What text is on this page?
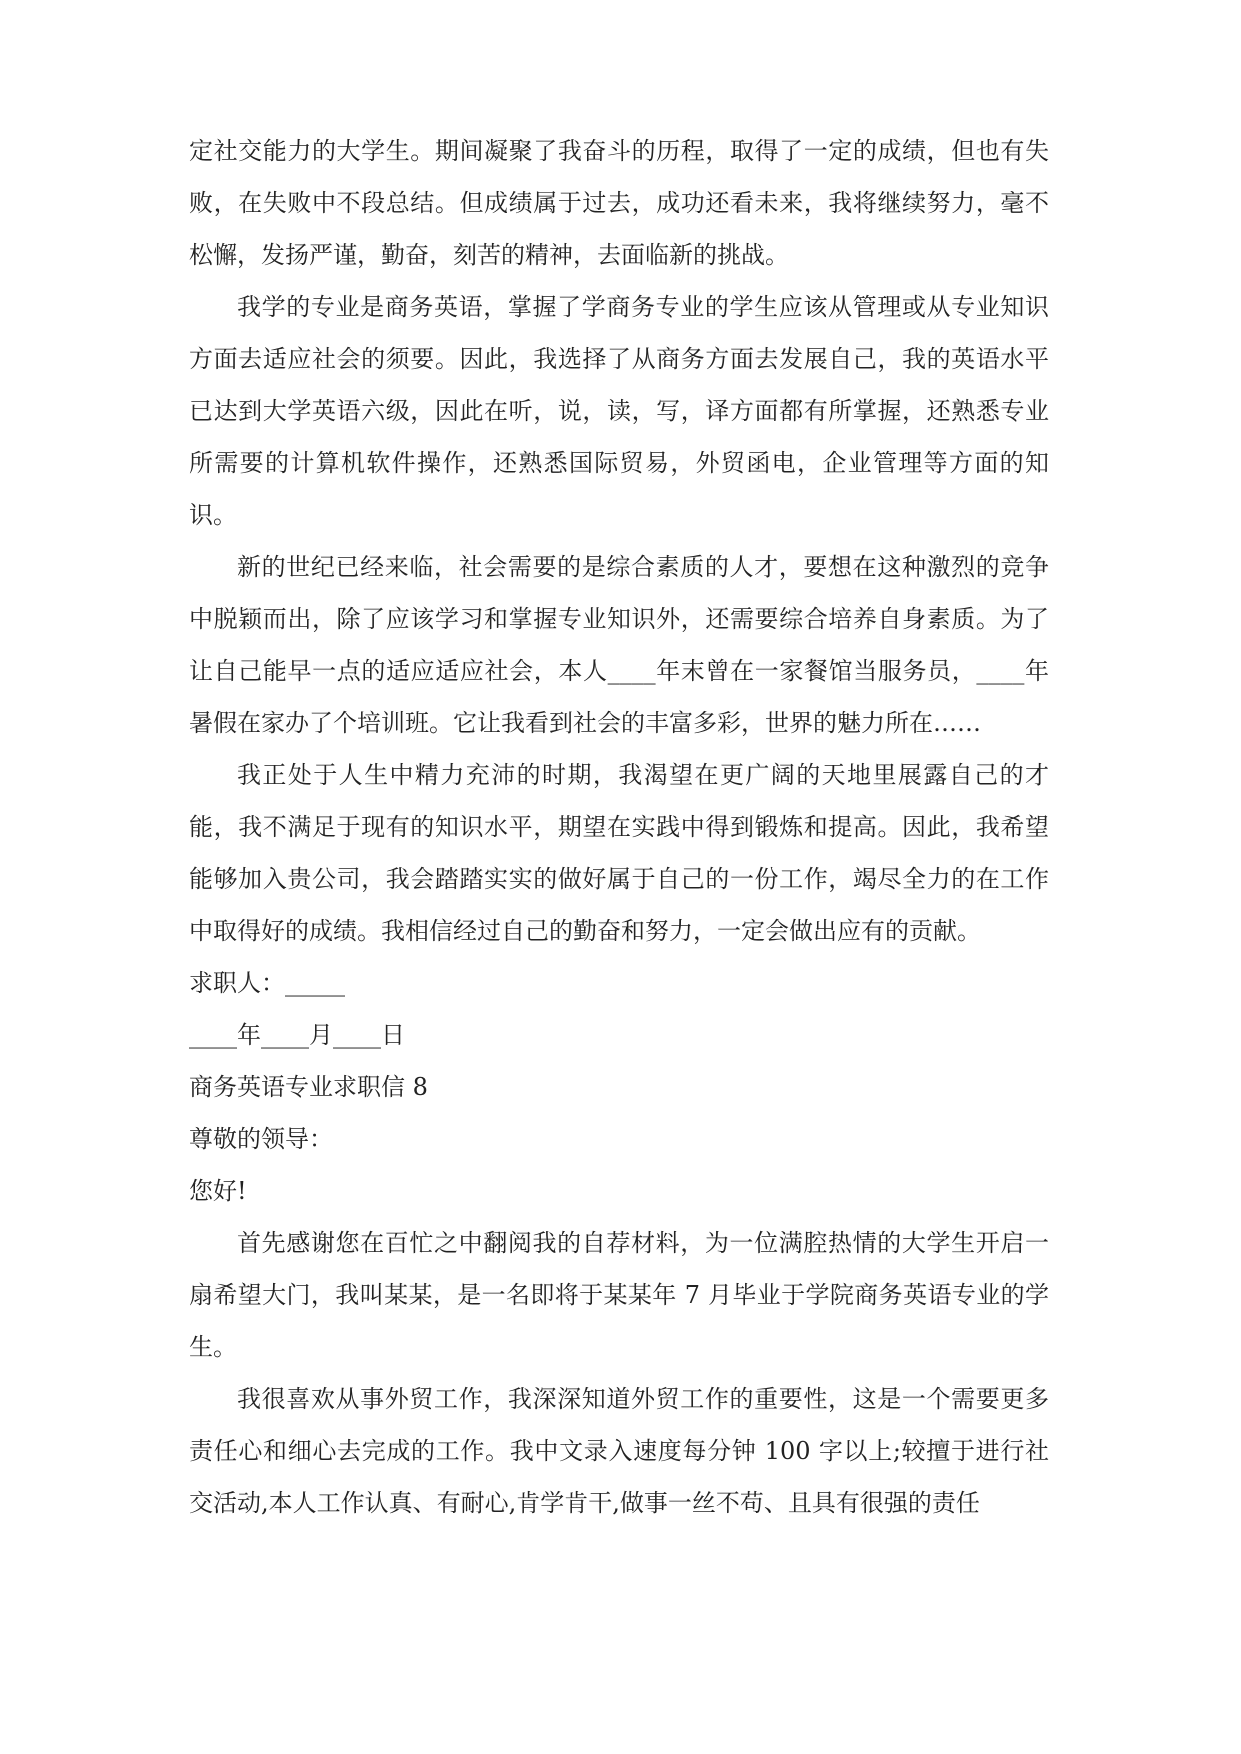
定社交能力的大学生。期间凝聚了我奋斗的历程，取得了一定的成绩，但也有失败，在失败中不段总结。但成绩属于过去，成功还看未来，我将继续努力，毫不松懈，发扬严谨，勤奋，刻苦的精神，去面临新的挑战。

我学的专业是商务英语，掌握了学商务专业的学生应该从管理或从专业知识方面去适应社会的须要。因此，我选择了从商务方面去发展自己，我的英语水平已达到大学英语六级，因此在听，说，读，写，译方面都有所掌握，还熟悉专业所需要的计算机软件操作，还熟悉国际贸易，外贸函电，企业管理等方面的知识。

新的世纪已经来临，社会需要的是综合素质的人才，要想在这种激烈的竞争中脱颖而出，除了应该学习和掌握专业知识外，还需要综合培养自身素质。为了让自己能早一点的适应适应社会，本人____年末曾在一家餐馆当服务员，____年暑假在家办了个培训班。它让我看到社会的丰富多彩，世界的魅力所在……

我正处于人生中精力充沛的时期，我渴望在更广阔的天地里展露自己的才能，我不满足于现有的知识水平，期望在实践中得到锻炼和提高。因此，我希望能够加入贵公司，我会踏踏实实的做好属于自己的一份工作，竭尽全力的在工作中取得好的成绩。我相信经过自己的勤奋和努力，一定会做出应有的贡献。

求职人：_____

____年____月____日

商务英语专业求职信 8

尊敬的领导：

您好!

首先感谢您在百忙之中翻阅我的自荐材料，为一位满腔热情的大学生开启一扇希望大门，我叫某某，是一名即将于某某年 7 月毕业于学院商务英语专业的学生。

我很喜欢从事外贸工作，我深深知道外贸工作的重要性，这是一个需要更多责任心和细心去完成的工作。我中文录入速度每分钟 100 字以上;较擅于进行社交活动,本人工作认真、有耐心,肯学肯干,做事一丝不苟、且具有很强的责任
